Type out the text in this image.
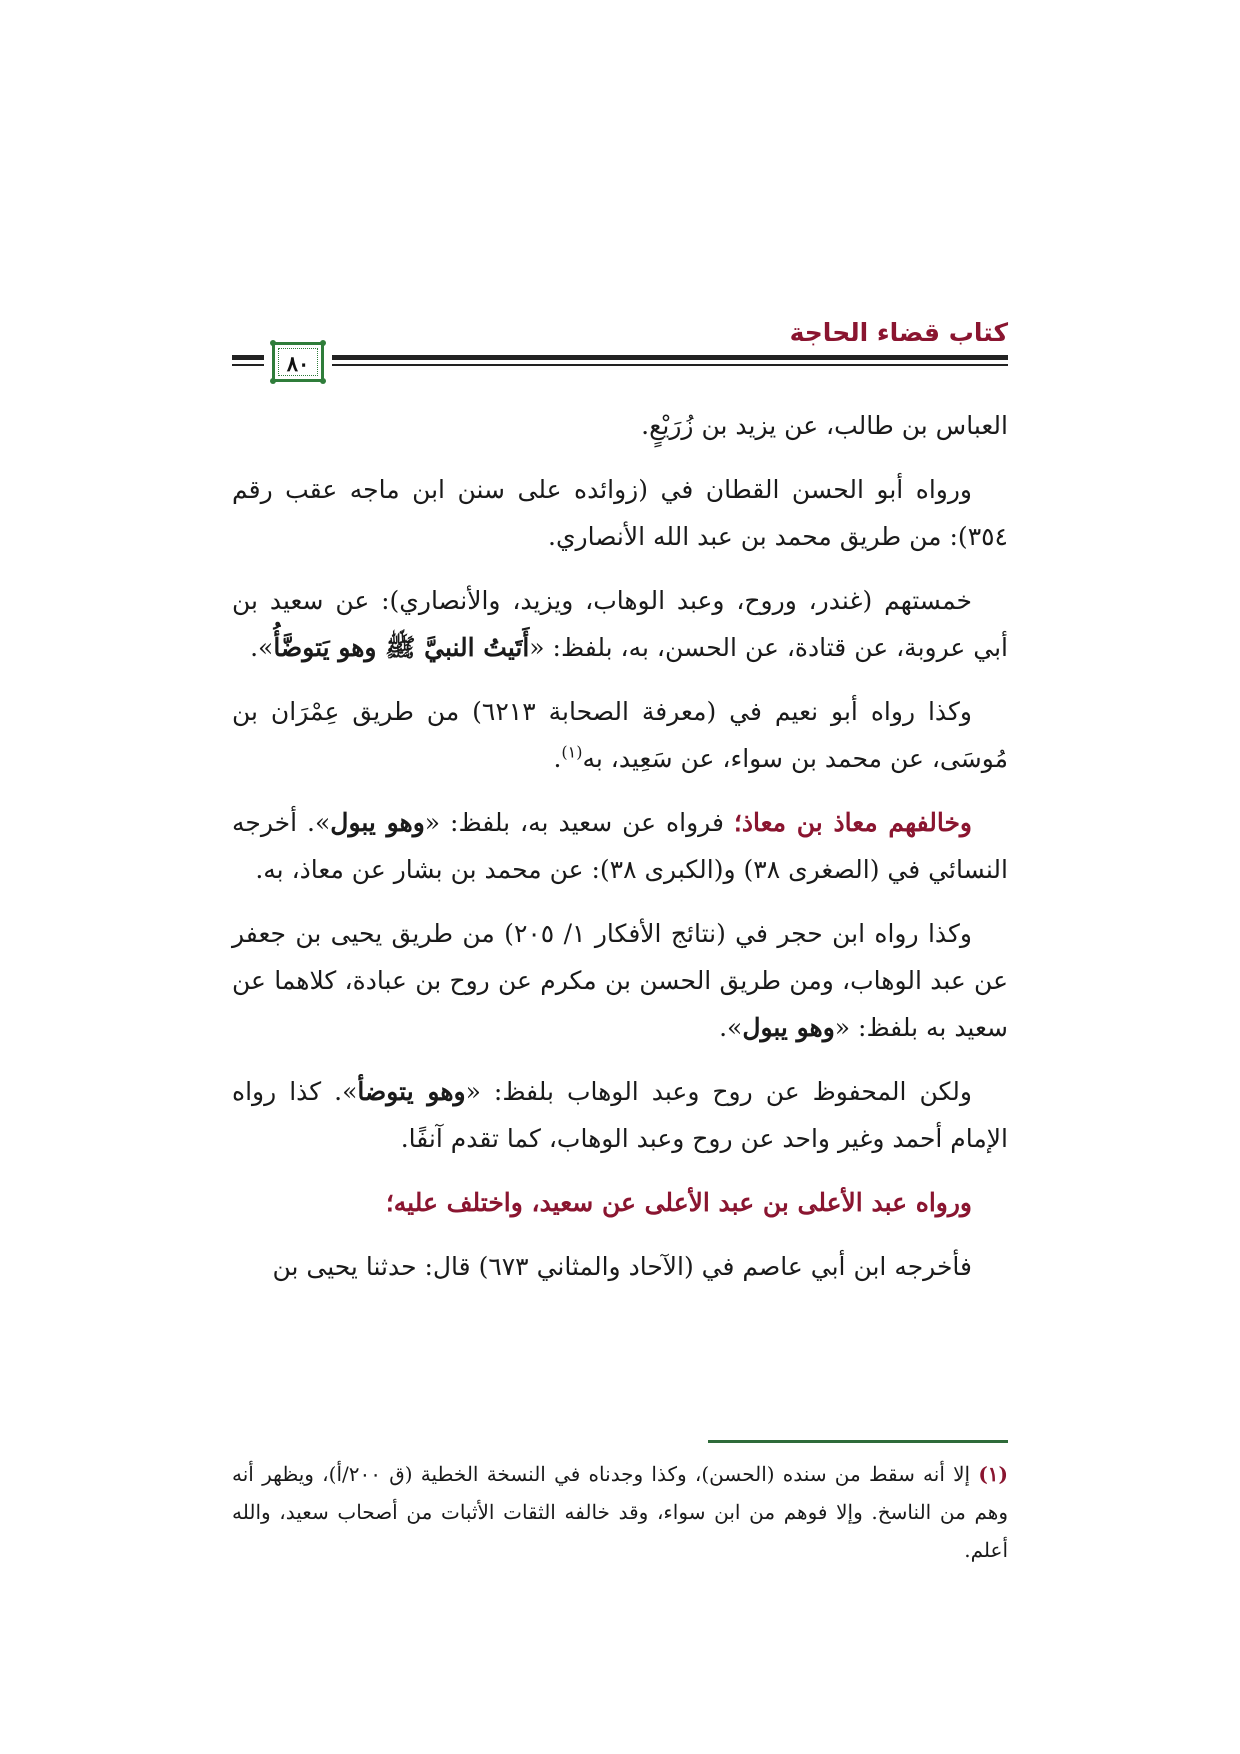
كتاب قضاء الحاجة
٨٠

العباس بن طالب، عن يزيد بن زُرَيْعٍ.

ورواه أبو الحسن القطان في (زوائده على سنن ابن ماجه عقب رقم ٣٥٤): من طريق محمد بن عبد الله الأنصاري.

خمستهم (غندر، وروح، وعبد الوهاب، ويزيد، والأنصاري): عن سعيد بن أبي عروبة، عن قتادة، عن الحسن، به، بلفظ: «أَتَيتُ النبيَّ ﷺ وهو يَتوضَّأُ».

وكذا رواه أبو نعيم في (معرفة الصحابة ٦٢١٣) من طريق عِمْرَان بن مُوسَى، عن محمد بن سواء، عن سَعِيد، به$^{(١)}$.

وخالفهم معاذ بن معاذ؛ فرواه عن سعيد به، بلفظ: «وهو يبول». أخرجه النسائي في (الصغرى ٣٨) و(الكبرى ٣٨): عن محمد بن بشار عن معاذ، به.

وكذا رواه ابن حجر في (نتائج الأفكار ١/ ٢٠٥) من طريق يحيى بن جعفر عن عبد الوهاب، ومن طريق الحسن بن مكرم عن روح بن عبادة، كلاهما عن سعيد به بلفظ: «وهو يبول».

ولكن المحفوظ عن روح وعبد الوهاب بلفظ: «وهو يتوضأ». كذا رواه الإمام أحمد وغير واحد عن روح وعبد الوهاب، كما تقدم آنفًا.

ورواه عبد الأعلى بن عبد الأعلى عن سعيد، واختلف عليه؛

فأخرجه ابن أبي عاصم في (الآحاد والمثاني ٦٧٣) قال: حدثنا يحيى بن

(١) إلا أنه سقط من سنده (الحسن)، وكذا وجدناه في النسخة الخطية (ق ٢٠٠/أ)، ويظهر أنه وهم من الناسخ. وإلا فوهم من ابن سواء، وقد خالفه الثقات الأثبات من أصحاب سعيد، والله أعلم.
